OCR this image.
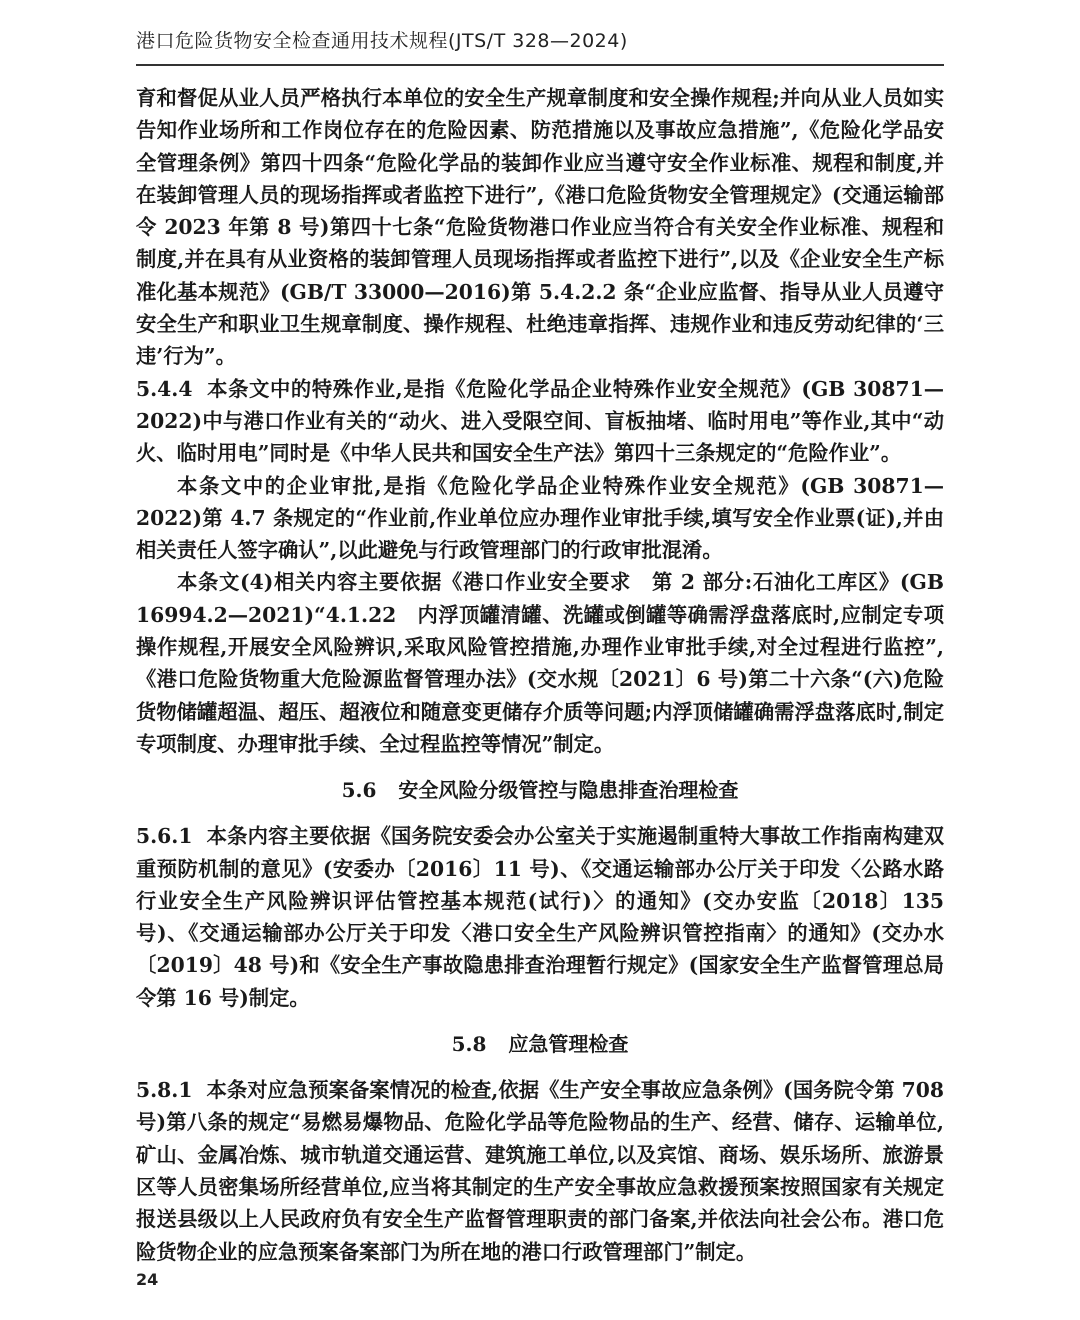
港口危险货物安全检查通用技术规程(JTS/T 328—2024)

育和督促从业人员严格执行本单位的安全生产规章制度和安全操作规程;并向从业人员如实告知作业场所和工作岗位存在的危险因素、防范措施以及事故应急措施”,《危险化学品安全管理条例》第四十四条“危险化学品的装卸作业应当遵守安全作业标准、规程和制度,并在装卸管理人员的现场指挥或者监控下进行”,《港口危险货物安全管理规定》(交通运输部令 2023 年第 8 号)第四十七条“危险货物港口作业应当符合有关安全作业标准、规程和制度,并在具有从业资格的装卸管理人员现场指挥或者监控下进行”,以及《企业安全生产标准化基本规范》(GB/T 33000—2016)第 5.4.2.2 条“企业应监督、指导从业人员遵守安全生产和职业卫生规章制度、操作规程、杜绝违章指挥、违规作业和违反劳动纪律的‘三违’行为”。

5.4.4 本条文中的特殊作业,是指《危险化学品企业特殊作业安全规范》(GB 30871—2022)中与港口作业有关的“动火、进入受限空间、盲板抽堵、临时用电”等作业,其中“动火、临时用电”同时是《中华人民共和国安全生产法》第四十三条规定的“危险作业”。

本条文中的企业审批,是指《危险化学品企业特殊作业安全规范》(GB 30871—2022)第 4.7 条规定的“作业前,作业单位应办理作业审批手续,填写安全作业票(证),并由相关责任人签字确认”,以此避免与行政管理部门的行政审批混淆。

本条文(4)相关内容主要依据《港口作业安全要求　第 2 部分:石油化工库区》(GB 16994.2—2021)“4.1.22　内浮顶罐清罐、洗罐或倒罐等确需浮盘落底时,应制定专项操作规程,开展安全风险辨识,采取风险管控措施,办理作业审批手续,对全过程进行监控”,《港口危险货物重大危险源监督管理办法》(交水规〔2021〕6 号)第二十六条“(六)危险货物储罐超温、超压、超液位和随意变更储存介质等问题;内浮顶储罐确需浮盘落底时,制定专项制度、办理审批手续、全过程监控等情况”制定。

5.6 安全风险分级管控与隐患排查治理检查

5.6.1 本条内容主要依据《国务院安委会办公室关于实施遏制重特大事故工作指南构建双重预防机制的意见》(安委办〔2016〕11 号)、《交通运输部办公厅关于印发〈公路水路行业安全生产风险辨识评估管控基本规范(试行)〉的通知》(交办安监〔2018〕135 号)、《交通运输部办公厅关于印发〈港口安全生产风险辨识管控指南〉的通知》(交办水〔2019〕48 号)和《安全生产事故隐患排查治理暂行规定》(国家安全生产监督管理总局令第 16 号)制定。

5.8 应急管理检查

5.8.1 本条对应急预案备案情况的检查,依据《生产安全事故应急条例》(国务院令第 708 号)第八条的规定“易燃易爆物品、危险化学品等危险物品的生产、经营、储存、运输单位,矿山、金属冶炼、城市轨道交通运营、建筑施工单位,以及宾馆、商场、娱乐场所、旅游景区等人员密集场所经营单位,应当将其制定的生产安全事故应急救援预案按照国家有关规定报送县级以上人民政府负有安全生产监督管理职责的部门备案,并依法向社会公布。港口危险货物企业的应急预案备案部门为所在地的港口行政管理部门”制定。

24
